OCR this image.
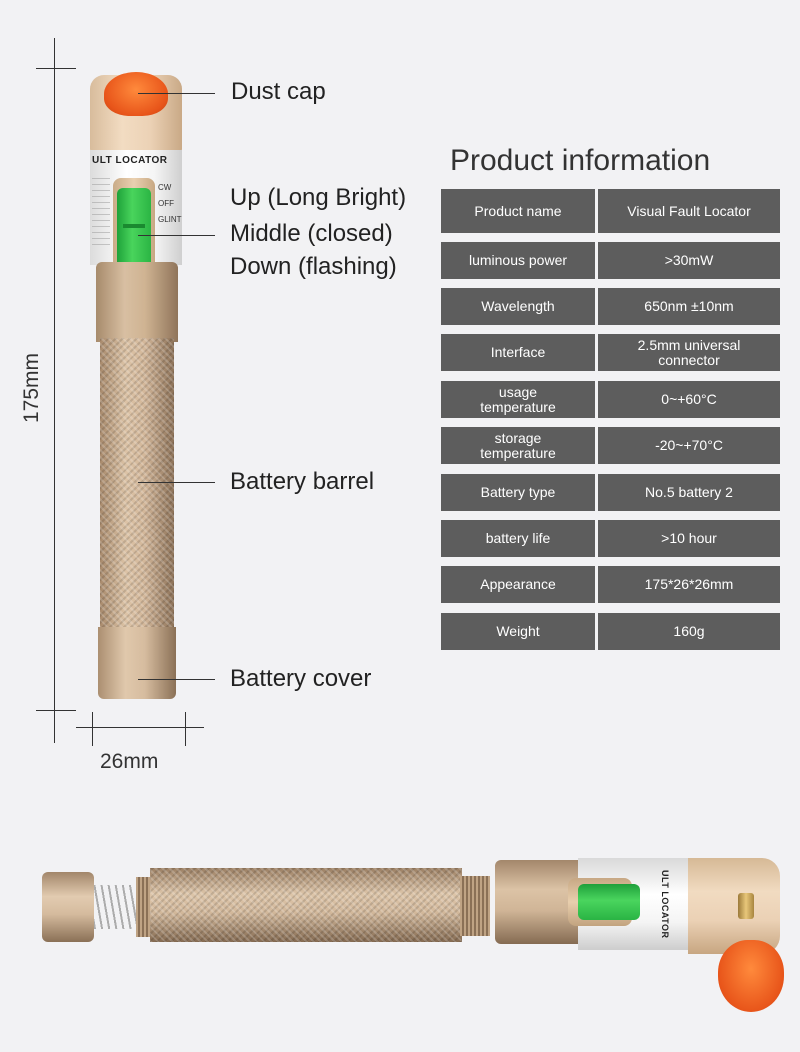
ULT LOCATOR
CW
OFF
GLINT
175mm
26mm
Dust cap
Up (Long Bright)
Middle (closed)
Down (flashing)
Battery barrel
Battery cover
Product information
Product name	Visual Fault Locator
luminous power	>30mW
Wavelength	650nm ±10nm
Interface	2.5mm universal connector
usage temperature	0~+60°C
storage temperature	-20~+70°C
Battery type	No.5 battery 2
battery life	>10 hour
Appearance	175*26*26mm
Weight	160g
ULT LOCATOR
